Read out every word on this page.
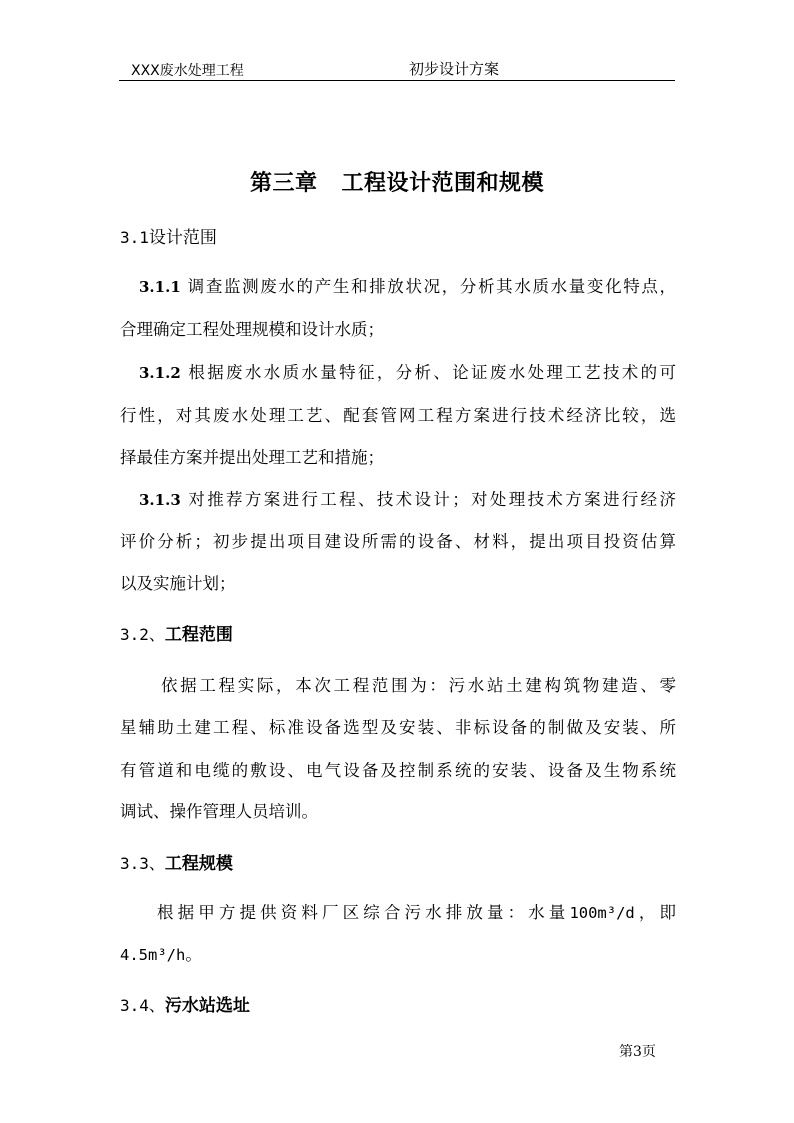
XXX废水处理工程	初步设计方案
第三章 工程设计范围和规模
3.1设计范围
3.1.1 调查监测废水的产生和排放状况，分析其水质水量变化特点，
合理确定工程处理规模和设计水质；
3.1.2 根据废水水质水量特征，分析、论证废水处理工艺技术的可
行性，对其废水处理工艺、配套管网工程方案进行技术经济比较，选
择最佳方案并提出处理工艺和措施；
3.1.3 对推荐方案进行工程、技术设计；对处理技术方案进行经济
评价分析；初步提出项目建设所需的设备、材料，提出项目投资估算
以及实施计划；
3.2、工程范围
依据工程实际，本次工程范围为：污水站土建构筑物建造、零
星辅助土建工程、标准设备选型及安装、非标设备的制做及安装、所
有管道和电缆的敷设、电气设备及控制系统的安装、设备及生物系统
调试、操作管理人员培训。
3.3、工程规模
根据甲方提供资料厂区综合污水排放量：水量100m³/d，即
4.5m³/h。
3.4、污水站选址
第3页
